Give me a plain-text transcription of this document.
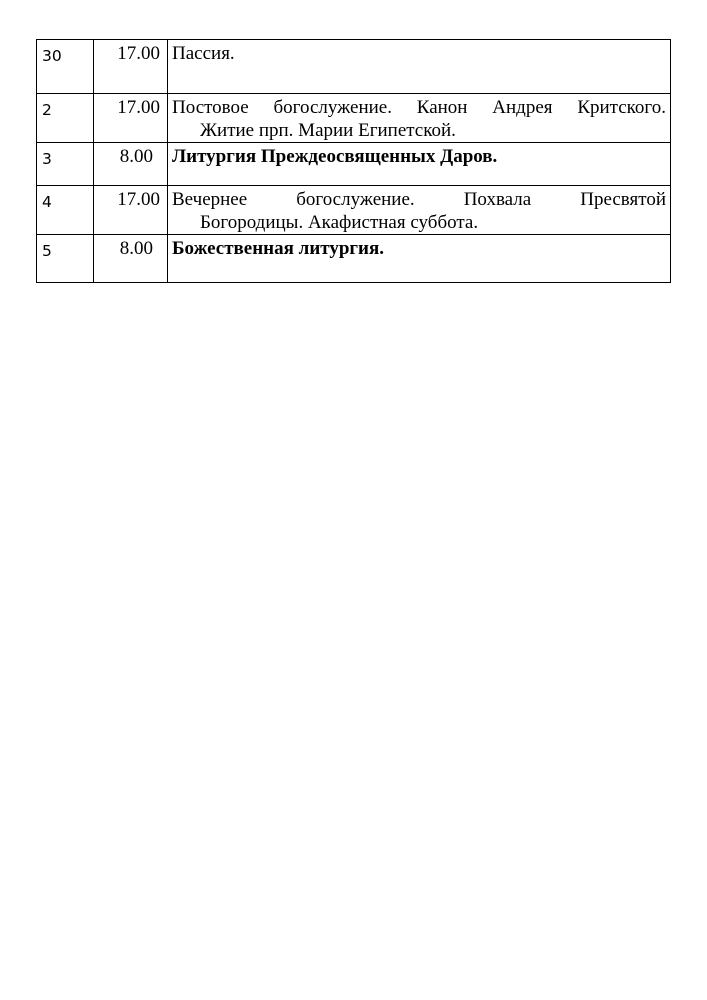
30	17.00	Пассия.
2	17.00	Постовое богослужение. Канон Андрея Критского.
Житие прп. Марии Египетской.

3	8.00	Литургия Преждеосвященных Даров.
4	17.00	Вечернее богослужение. Похвала Пресвятой
Богородицы. Акафистная суббота.

5	8.00	Божественная литургия.
